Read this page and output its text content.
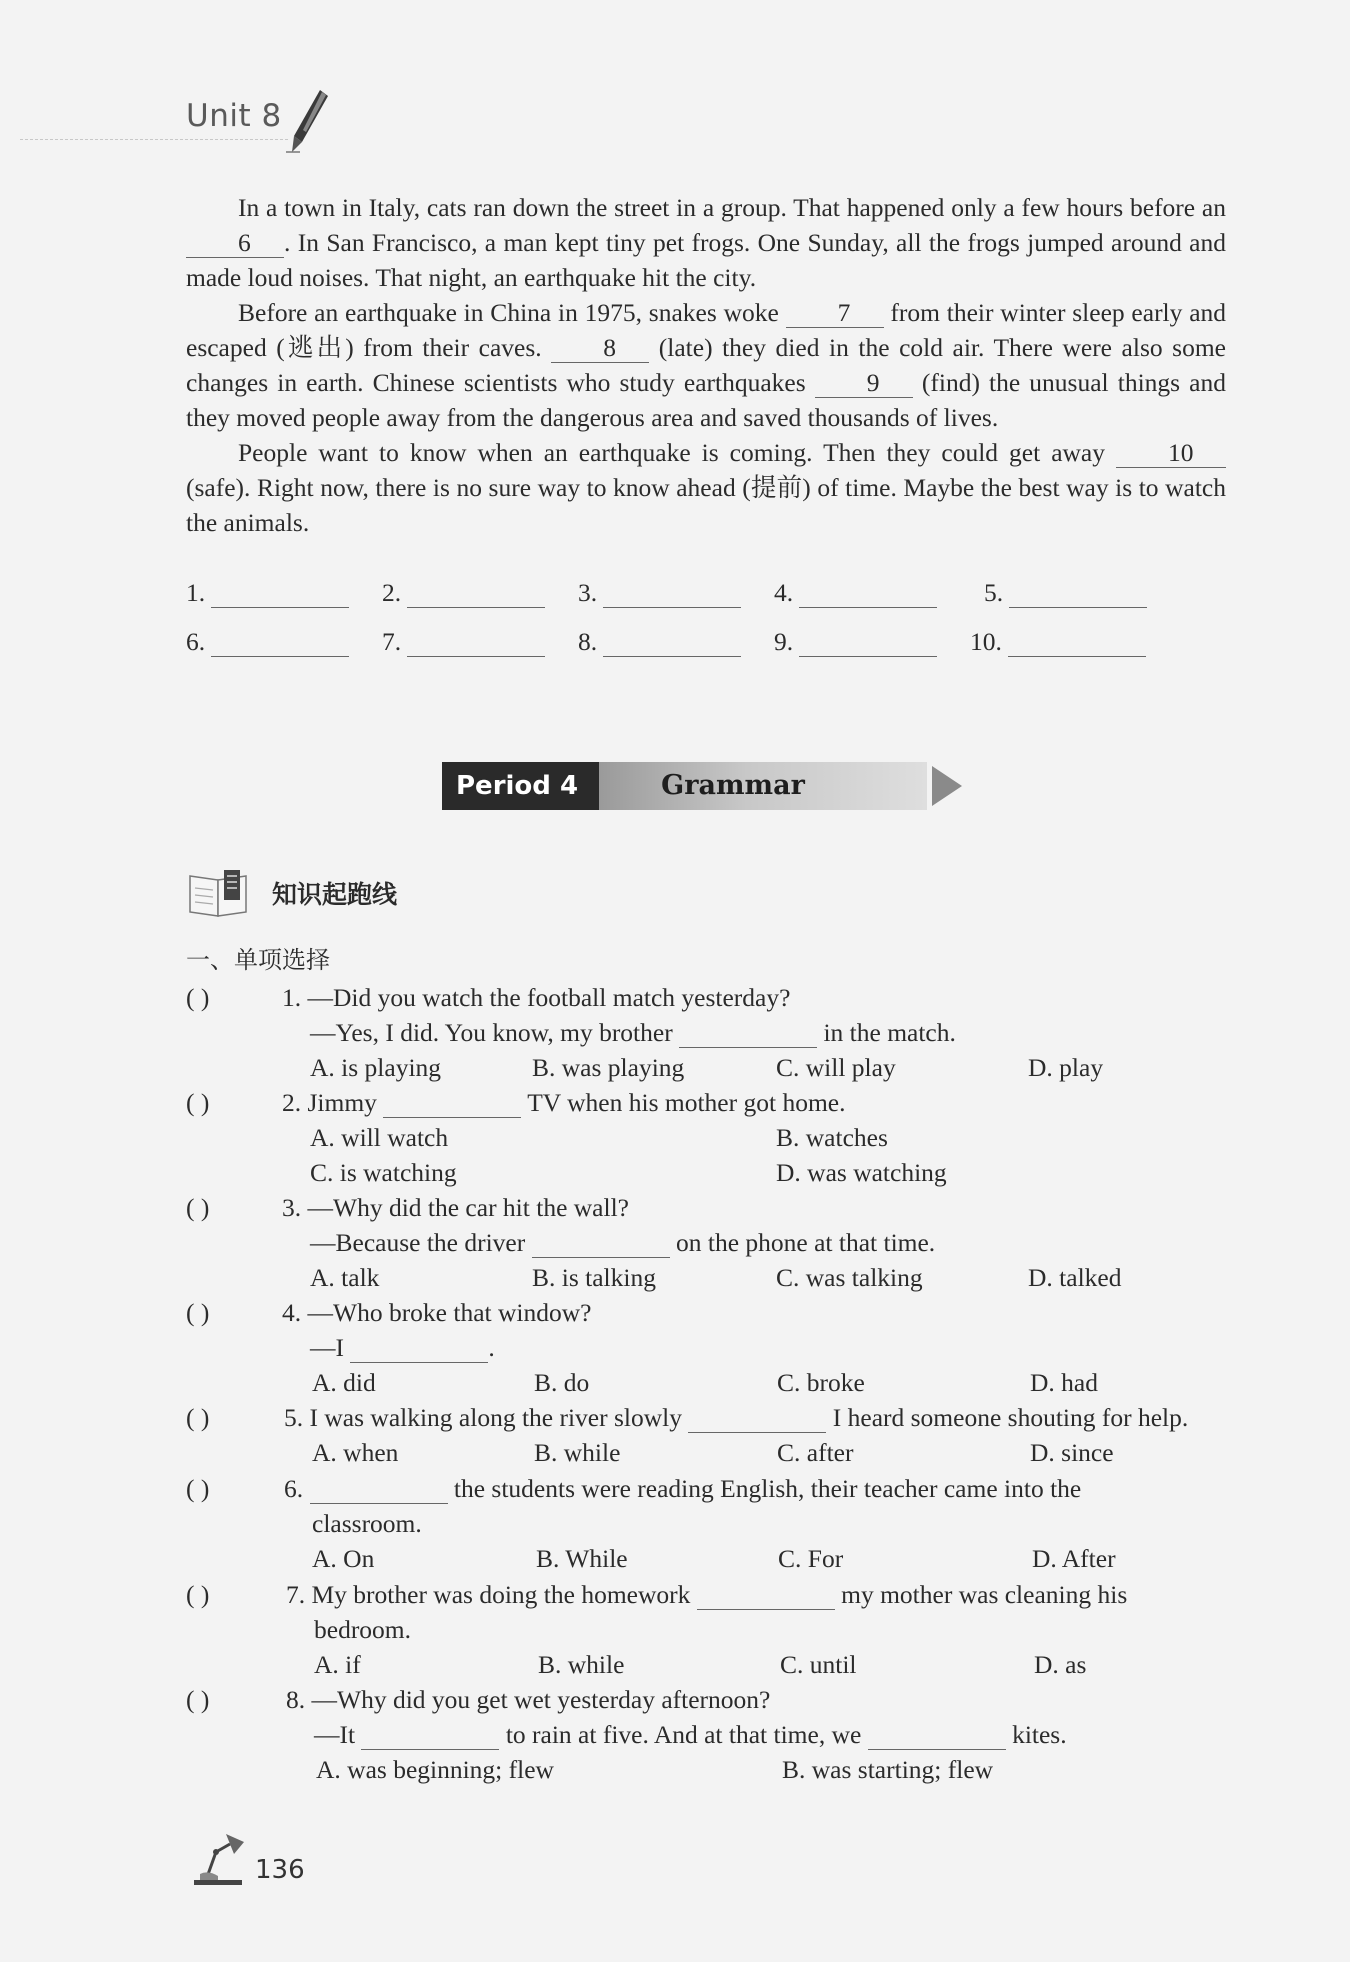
Unit 8

In a town in Italy, cats ran down the street in a group. That happened only a few hours before an 6 . In San Francisco, a man kept tiny pet frogs. One Sunday, all the frogs jumped around and made loud noises. That night, an earthquake hit the city.

Before an earthquake in China in 1975, snakes woke 7 from their winter sleep early and escaped (逃出) from their caves. 8 (late) they died in the cold air. There were also some changes in earth. Chinese scientists who study earthquakes 9 (find) the unusual things and they moved people away from the dangerous area and saved thousands of lives.

People want to know when an earthquake is coming. Then they could get away 10 (safe). Right now, there is no sure way to know ahead (提前) of time. Maybe the best way is to watch the animals.

1.	2.	3.	4.	5.
6.	7.	8.	9.	10.
Period 4	Grammar
知识起跑线
一、单项选择
( )	1. —Did you watch the football match yesterday?
—Yes, I did. You know, my brother	in the match.
A. is playing	B. was playing	C. will play	D. play
( )	2. Jimmy	TV when his mother got home.
A. will watch	B. watches
C. is watching	D. was watching
( )	3. —Why did the car hit the wall?
—Because the driver	on the phone at that time.
A. talk	B. is talking	C. was talking	D. talked
( )	4. —Who broke that window?
—I	.
A. did	B. do	C. broke	D. had
( )	5. I was walking along the river slowly	I heard someone shouting for help.
A. when	B. while	C. after	D. since
( )	6.	the students were reading English, their teacher came into the
classroom.
A. On	B. While	C. For	D. After
( )	7. My brother was doing the homework	my mother was cleaning his
bedroom.
A. if	B. while	C. until	D. as
( )	8. —Why did you get wet yesterday afternoon?
—It	to rain at five. And at that time, we	kites.
A. was beginning; flew	B. was starting; flew
136
